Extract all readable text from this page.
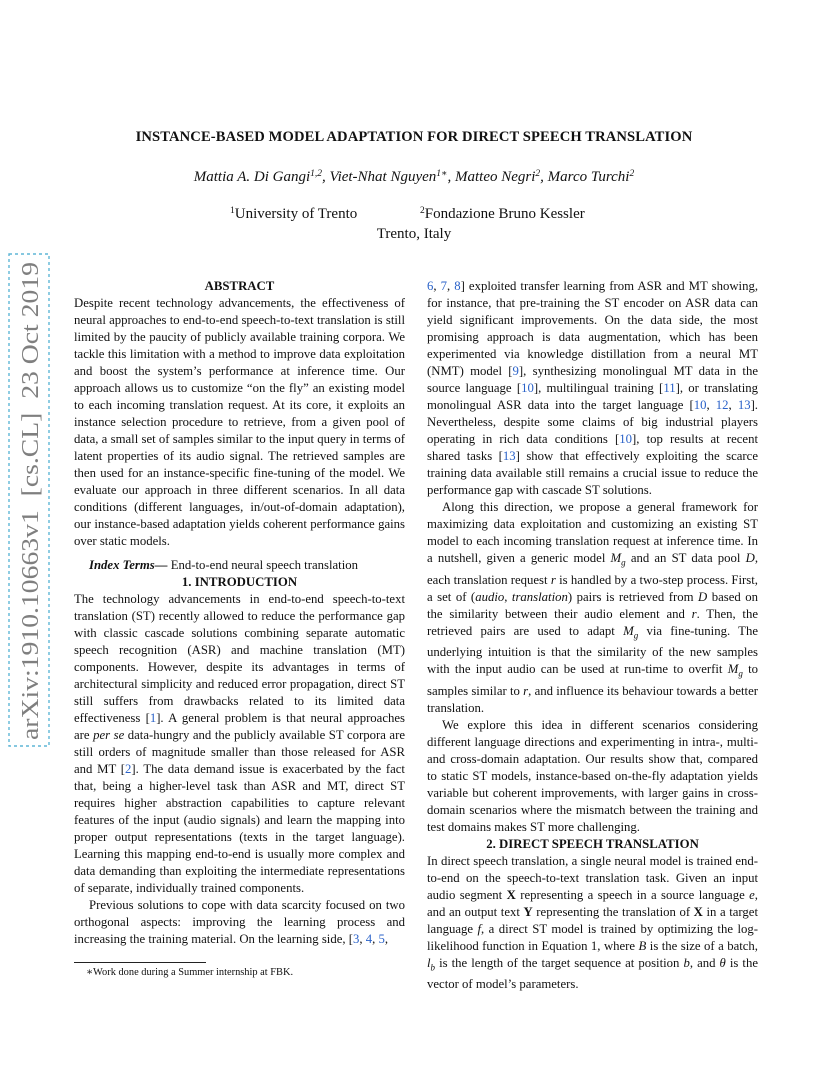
arXiv:1910.10663v1  [cs.CL]  23 Oct 2019
INSTANCE-BASED MODEL ADAPTATION FOR DIRECT SPEECH TRANSLATION
Mattia A. Di Gangi$^{1,2}$, Viet-Nhat Nguyen$^{1∗}$, Matteo Negri$^2$, Marco Turchi$^2$
$^1$University of Trento	$^2$Fondazione Bruno Kessler
Trento, Italy

ABSTRACT

Despite recent technology advancements, the effectiveness of neural approaches to end-to-end speech-to-text translation is still limited by the paucity of publicly available training corpora. We tackle this limitation with a method to improve data exploitation and boost the system’s performance at inference time. Our approach allows us to customize “on the fly” an existing model to each incoming translation request. At its core, it exploits an instance selection procedure to retrieve, from a given pool of data, a small set of samples similar to the input query in terms of latent properties of its audio signal. The retrieved samples are then used for an instance-specific fine-tuning of the model. We evaluate our approach in three different scenarios. In all data conditions (different languages, in/out-of-domain adaptation), our instance-based adaptation yields coherent performance gains over static models.

Index Terms— End-to-end neural speech translation

1. INTRODUCTION

The technology advancements in end-to-end speech-to-text translation (ST) recently allowed to reduce the performance gap with classic cascade solutions combining separate automatic speech recognition (ASR) and machine translation (MT) components. However, despite its advantages in terms of architectural simplicity and reduced error propagation, direct ST still suffers from drawbacks related to its limited data effectiveness [1]. A general problem is that neural approaches are per se data-hungry and the publicly available ST corpora are still orders of magnitude smaller than those released for ASR and MT [2]. The data demand issue is exacerbated by the fact that, being a higher-level task than ASR and MT, direct ST requires higher abstraction capabilities to capture relevant features of the input (audio signals) and learn the mapping into proper output representations (texts in the target language). Learning this mapping end-to-end is usually more complex and data demanding than exploiting the intermediate representations of separate, individually trained components.

Previous solutions to cope with data scarcity focused on two orthogonal aspects: improving the learning process and increasing the training material. On the learning side, [3, 4, 5,

6, 7, 8] exploited transfer learning from ASR and MT showing, for instance, that pre-training the ST encoder on ASR data can yield significant improvements. On the data side, the most promising approach is data augmentation, which has been experimented via knowledge distillation from a neural MT (NMT) model [9], synthesizing monolingual MT data in the source language [10], multilingual training [11], or translating monolingual ASR data into the target language [10, 12, 13]. Nevertheless, despite some claims of big industrial players operating in rich data conditions [10], top results at recent shared tasks [13] show that effectively exploiting the scarce training data available still remains a crucial issue to reduce the performance gap with cascade ST solutions.

Along this direction, we propose a general framework for maximizing data exploitation and customizing an existing ST model to each incoming translation request at inference time. In a nutshell, given a generic model $M_g$ and an ST data pool D, each translation request r is handled by a two-step process. First, a set of (audio, translation) pairs is retrieved from D based on the similarity between their audio element and r. Then, the retrieved pairs are used to adapt $M_g$ via fine-tuning. The underlying intuition is that the similarity of the new samples with the input audio can be used at run-time to overfit $M_g$ to samples similar to r, and influence its behaviour towards a better translation.

We explore this idea in different scenarios considering different language directions and experimenting in intra-, multi- and cross-domain adaptation. Our results show that, compared to static ST models, instance-based on-the-fly adaptation yields variable but coherent improvements, with larger gains in cross-domain scenarios where the mismatch between the training and test domains makes ST more challenging.

2. DIRECT SPEECH TRANSLATION

In direct speech translation, a single neural model is trained end-to-end on the speech-to-text translation task. Given an input audio segment X representing a speech in a source language e, and an output text Y representing the translation of X in a target language f, a direct ST model is trained by optimizing the log-likelihood function in Equation 1, where B is the size of a batch, $l_b$ is the length of the target sequence at position b, and θ is the vector of model’s parameters.

∗Work done during a Summer internship at FBK.
